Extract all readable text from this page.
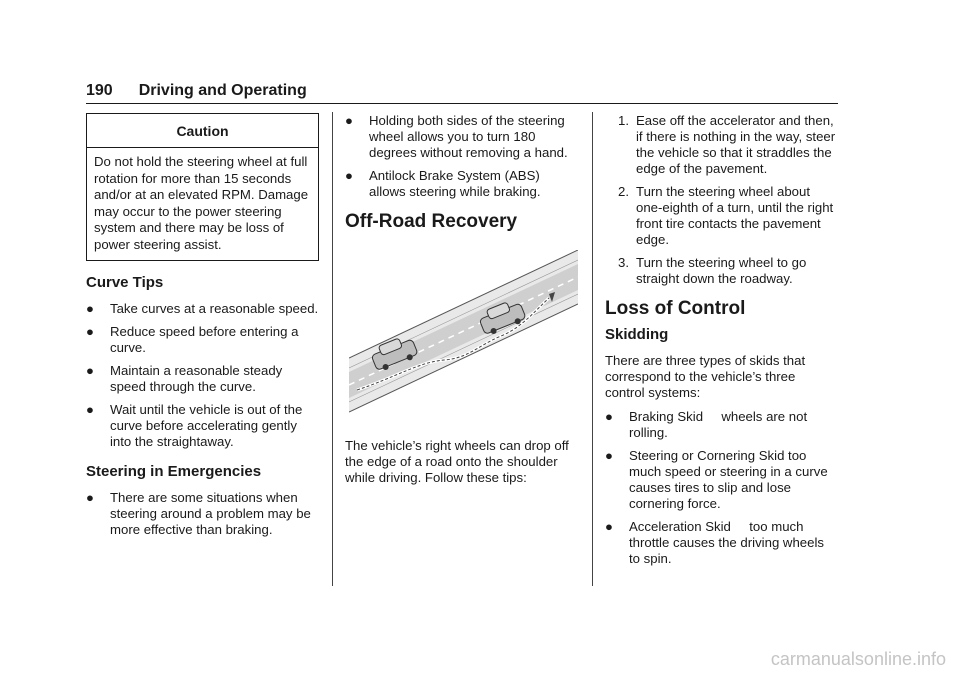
190 Driving and Operating
Caution
Do not hold the steering wheel at full rotation for more than 15 seconds and/or at an elevated RPM. Damage may occur to the power steering system and there may be loss of power steering assist.
Curve Tips
● Take curves at a reasonable speed.
● Reduce speed before entering a curve.
● Maintain a reasonable steady speed through the curve.
● Wait until the vehicle is out of the curve before accelerating gently into the straightaway.
Steering in Emergencies
● There are some situations when steering around a problem may be more effective than braking.
● Holding both sides of the steering wheel allows you to turn 180 degrees without removing a hand.
● Antilock Brake System (ABS) allows steering while braking.
Off-Road Recovery

The vehicle’s right wheels can drop off the edge of a road onto the shoulder while driving. Follow these tips:

1. Ease off the accelerator and then, if there is nothing in the way, steer the vehicle so that it straddles the edge of the pavement.
2. Turn the steering wheel about one-eighth of a turn, until the right front tire contacts the pavement edge.
3. Turn the steering wheel to go straight down the roadway.
Loss of Control
Skidding

There are three types of skids that correspond to the vehicle’s three control systems:

● Braking Skid     wheels are not rolling.
● Steering or Cornering Skid too much speed or steering in a curve causes tires to slip and lose cornering force.
● Acceleration Skid     too much throttle causes the driving wheels to spin.
carmanualsonline.info
